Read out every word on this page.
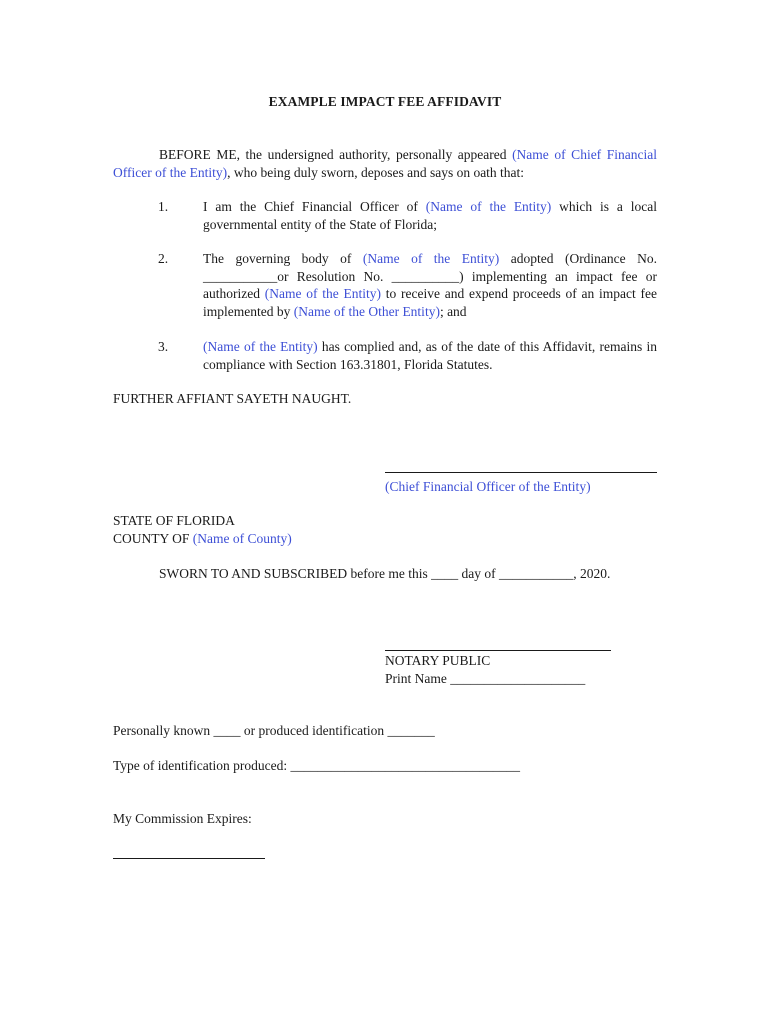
EXAMPLE IMPACT FEE AFFIDAVIT
BEFORE ME, the undersigned authority, personally appeared (Name of Chief Financial Officer of the Entity), who being duly sworn, deposes and says on oath that:
1.	I am the Chief Financial Officer of (Name of the Entity) which is a local governmental entity of the State of Florida;
2.	The governing body of (Name of the Entity) adopted (Ordinance No. ___________or Resolution No. __________) implementing an impact fee or authorized (Name of the Entity) to receive and expend proceeds of an impact fee implemented by (Name of the Other Entity); and
3.	(Name of the Entity) has complied and, as of the date of this Affidavit, remains in compliance with Section 163.31801, Florida Statutes.
FURTHER AFFIANT SAYETH NAUGHT.
(Chief Financial Officer of the Entity)
STATE OF FLORIDA
COUNTY OF (Name of County)
SWORN TO AND SUBSCRIBED before me this ____ day of ___________, 2020.
NOTARY PUBLIC
Print Name ____________________
Personally known ____ or produced identification _______
Type of identification produced: __________________________________
My Commission Expires:
